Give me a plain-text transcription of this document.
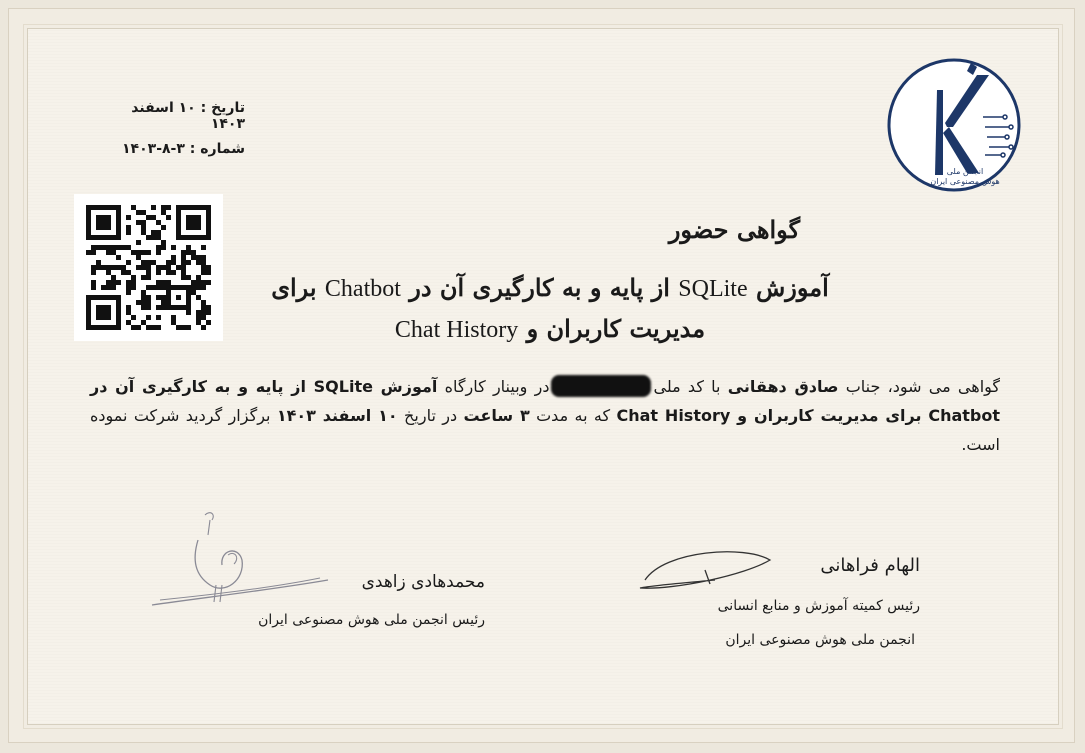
تاریخ : ۱۰ اسفند ۱۴۰۳
شماره : ۳-۸-۱۴۰۳
انجمن ملی
هوش مصنوعی ایران
گواهی حضور
آموزش SQLite از پایه و به کارگیری آن در Chatbot برای مدیریت کاربران و Chat History
گواهی می شود، جناب صادق دهقانی با کد ملیدر وبینار کارگاه آموزش SQLite از پایه و به کارگیری آن در Chatbot برای مدیریت کاربران و Chat History که به مدت ۳ ساعت در تاریخ ۱۰ اسفند ۱۴۰۳ برگزار گردید شرکت نموده است.
الهام فراهانی
رئیس کمیته آموزش و منابع انسانی
انجمن ملی هوش مصنوعی ایران
محمدهادی زاهدی
رئیس انجمن ملی هوش مصنوعی ایران
